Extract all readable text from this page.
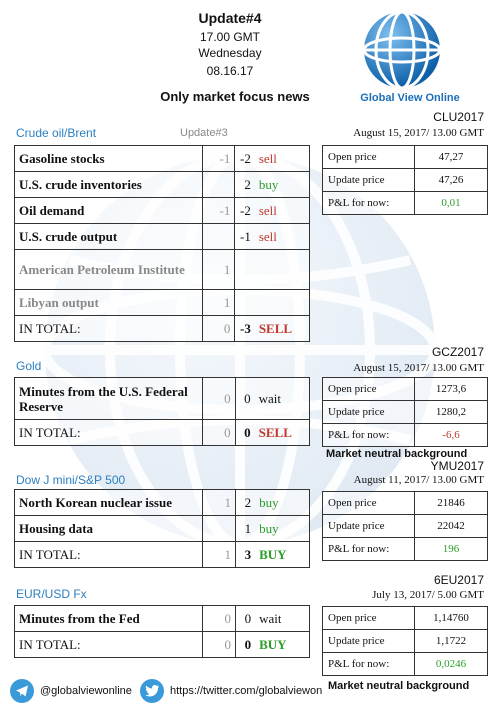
Update#4
17.00 GMT
Wednesday
08.16.17
Only market focus news	Global View Online
Crude oil/Brent	Update#3
Gasoline stocks	-1	-2	sell
U.S. crude inventories		2	buy
Oil demand	-1	-2	sell
U.S. crude output		-1	sell
American Petroleum Institute	1		
Libyan output	1		
IN TOTAL:	0	-3	SELL
CLU2017
August 15, 2017/ 13.00 GMT
Open price	47,27
Update price	47,26
P&L for now:	0,01
Gold
Minutes from the U.S. Federal Reserve	0	0	wait
IN TOTAL:	0	0	SELL
GCZ2017
August 15, 2017/ 13.00 GMT
Open price	1273,6
Update price	1280,2
P&L for now:	-6,6
Market neutral background
Dow J mini/S&P 500
North Korean nuclear issue	1	2	buy
Housing data		1	buy
IN TOTAL:	1	3	BUY
YMU2017
August 11, 2017/ 13.00 GMT
Open price	21846
Update price	22042
P&L for now:	196
EUR/USD Fx
Minutes from the Fed	0	0	wait
IN TOTAL:	0	0	BUY
6EU2017
July 13, 2017/ 5.00 GMT
Open price	1,14760
Update price	1,1722
P&L for now:	0,0246
Market neutral background
@globalviewonline	https://twitter.com/globalviewon
